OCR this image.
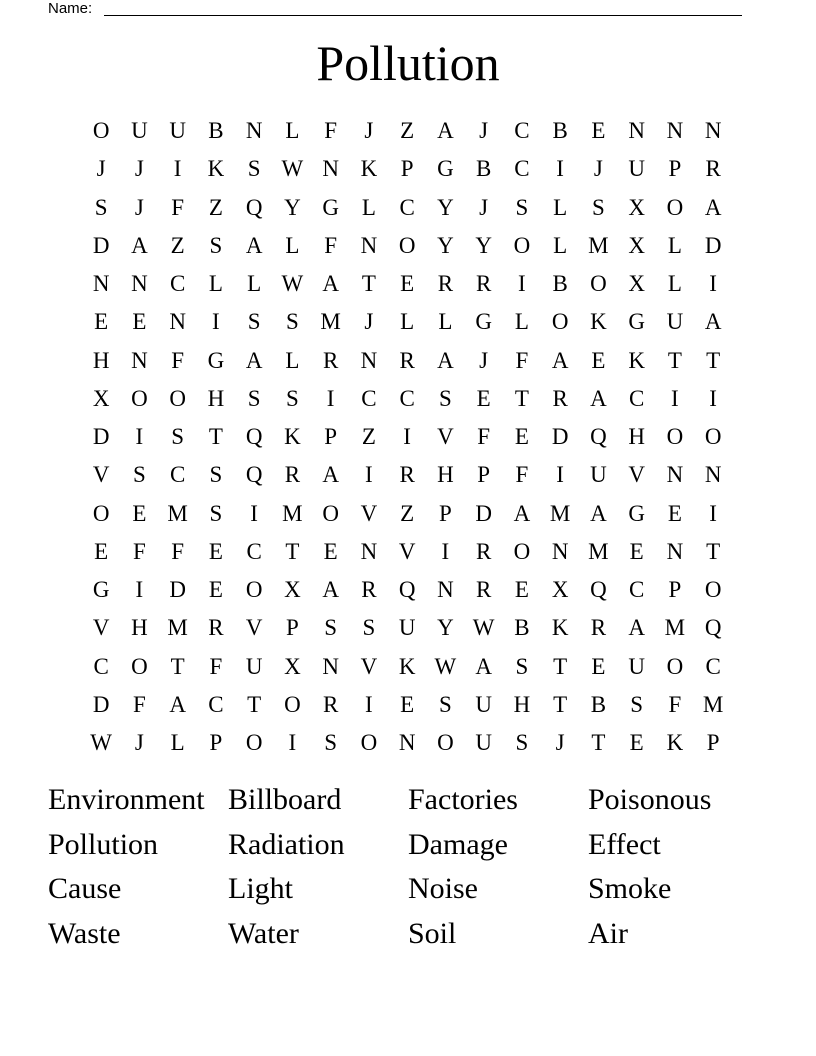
Name:
Pollution
O U U B N L	F	J	Z A	J	C B	E N N N
J	J	I	K	S W N K	P	G B C	I	J	U	P	R
S	J	F	Z Q Y G L	C Y	J	S	L	S	X O A
D A Z	S	A L	F	N O Y Y O L M X L D
N N C	L	L W A T	E	R R	I	B O X L	I
E	E N	I	S	S M	J	L	L G L O K G U A
H N	F	G A L	R N R A	J	F	A E K T	T
X O O H	S	S	I	C C	S	E	T	R A C	I	I
D	I	S	T Q K	P	Z	I	V	F	E D Q H O O
V	S	C	S	Q R A	I	R H	P	F	I	U V N N
O E M S	I	M O V Z	P	D A M A G E	I
E	F	F	E	C	T	E N V	I	R O N M E N T
G	I	D E O X A R Q N R	E X Q C	P	O
V H M R V	P	S	S	U Y W B K R A M Q
C O T	F	U X N V K W A	S	T	E U O C
D	F	A C	T O R	I	E	S	U H T	B	S	F M
W J	L	P	O	I	S	O N O U	S	J	T	E K	P
Environment Billboard	Factories	Poisonous
Pollution	Radiation	Damage	Effect
Cause	Light	Noise	Smoke
Waste	Water	Soil	Air
